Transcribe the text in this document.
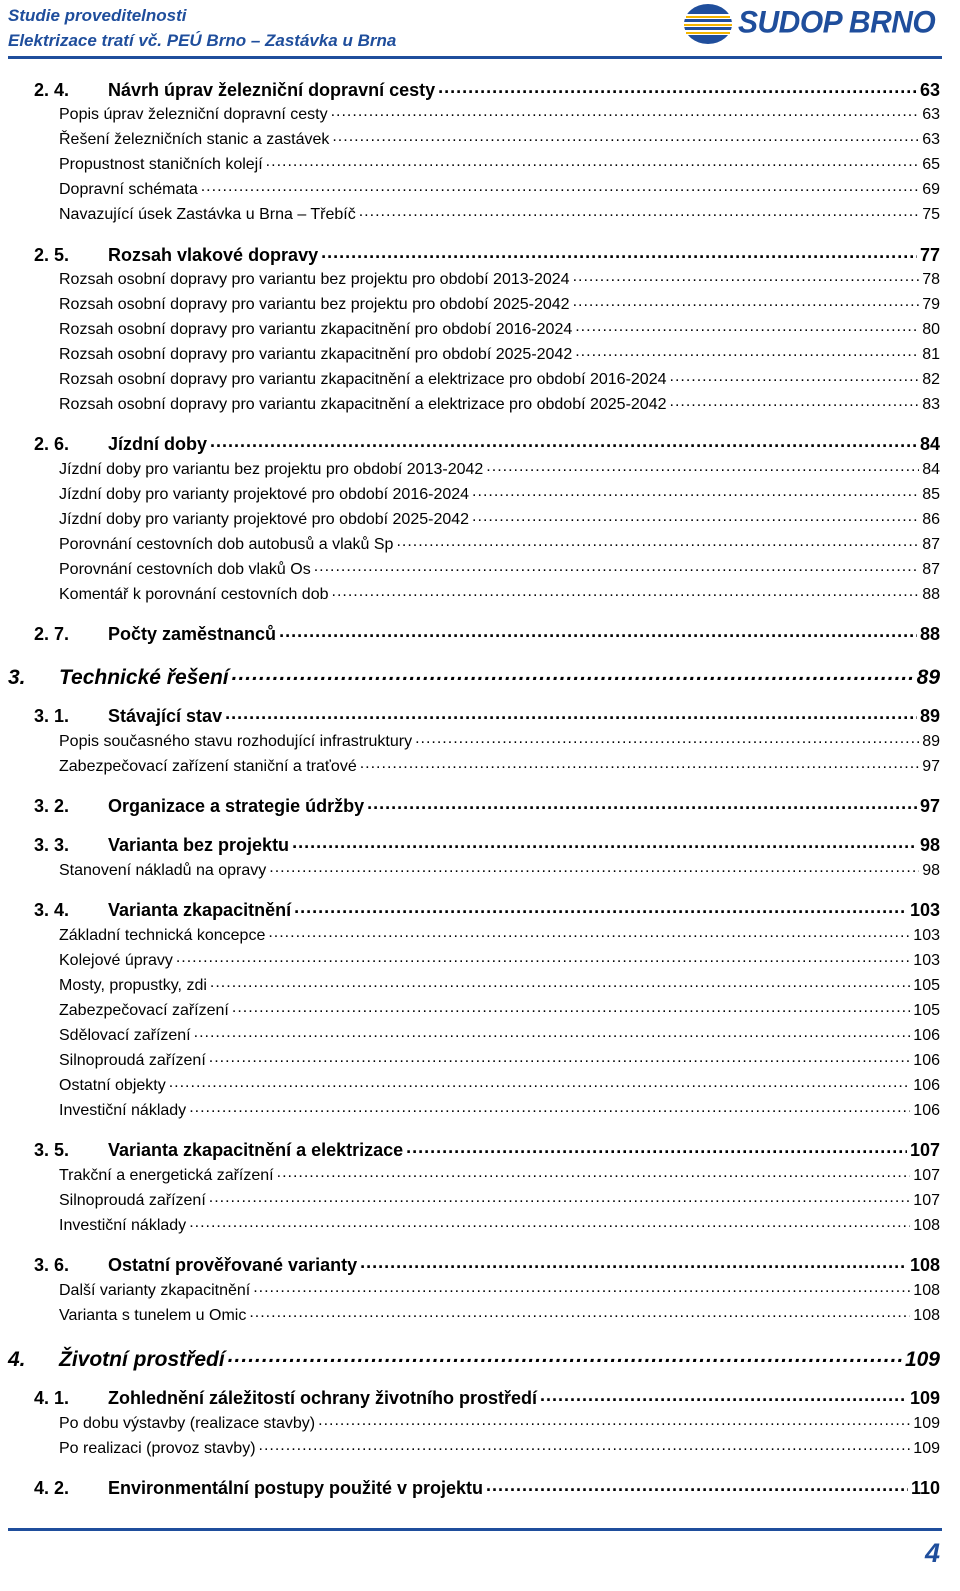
Studie proveditelnosti
Elektrizace tratí vč. PEÚ Brno – Zastávka u Brna
SUDOP BRNO
2. 4.	Návrh úprav železniční dopravní cesty .....	63
Popis úprav železniční dopravní cesty .....	63
Řešení železničních stanic a zastávek .....	63
Propustnost staničních kolejí .....	65
Dopravní schémata .....	69
Navazující úsek Zastávka u Brna – Třebíč .....	75
2. 5.	Rozsah vlakové dopravy .....	77
Rozsah osobní dopravy pro variantu bez projektu pro období 2013-2024 .....	78
Rozsah osobní dopravy pro variantu bez projektu pro období 2025-2042 .....	79
Rozsah osobní dopravy pro variantu zkapacitnění pro období 2016-2024 .....	80
Rozsah osobní dopravy pro variantu zkapacitnění pro období 2025-2042 .....	81
Rozsah osobní dopravy pro variantu zkapacitnění a elektrizace pro období 2016-2024 .....	82
Rozsah osobní dopravy pro variantu zkapacitnění a elektrizace pro období 2025-2042 .....	83
2. 6.	Jízdní doby .....	84
Jízdní doby pro variantu bez projektu pro období 2013-2042 .....	84
Jízdní doby pro varianty projektové pro období 2016-2024 .....	85
Jízdní doby pro varianty projektové pro období 2025-2042 .....	86
Porovnání cestovních dob autobusů a vlaků Sp .....	87
Porovnání cestovních dob vlaků Os .....	87
Komentář k porovnání cestovních dob .....	88
2. 7.	Počty zaměstnanců .....	88
3.	Technické řešení .....	89
3. 1.	Stávající stav .....	89
Popis současného stavu rozhodující infrastruktury .....	89
Zabezpečovací zařízení staniční a traťové .....	97
3. 2.	Organizace a strategie údržby .....	97
3. 3.	Varianta bez projektu .....	98
Stanovení nákladů na opravy .....	98
3. 4.	Varianta zkapacitnění .....	103
Základní technická koncepce .....	103
Kolejové úpravy .....	103
Mosty, propustky, zdi .....	105
Zabezpečovací zařízení .....	105
Sdělovací zařízení .....	106
Silnoproudá zařízení .....	106
Ostatní objekty .....	106
Investiční náklady .....	106
3. 5.	Varianta zkapacitnění a elektrizace .....	107
Trakční a energetická zařízení .....	107
Silnoproudá zařízení .....	107
Investiční náklady .....	108
3. 6.	Ostatní prověřované varianty .....	108
Další varianty zkapacitnění .....	108
Varianta s tunelem u Omic .....	108
4.	Životní prostředí .....	109
4. 1.	Zohlednění záležitostí ochrany životního prostředí .....	109
Po dobu výstavby (realizace stavby) .....	109
Po realizaci (provoz stavby) .....	109
4. 2.	Environmentální postupy použité v projektu .....	110
4
